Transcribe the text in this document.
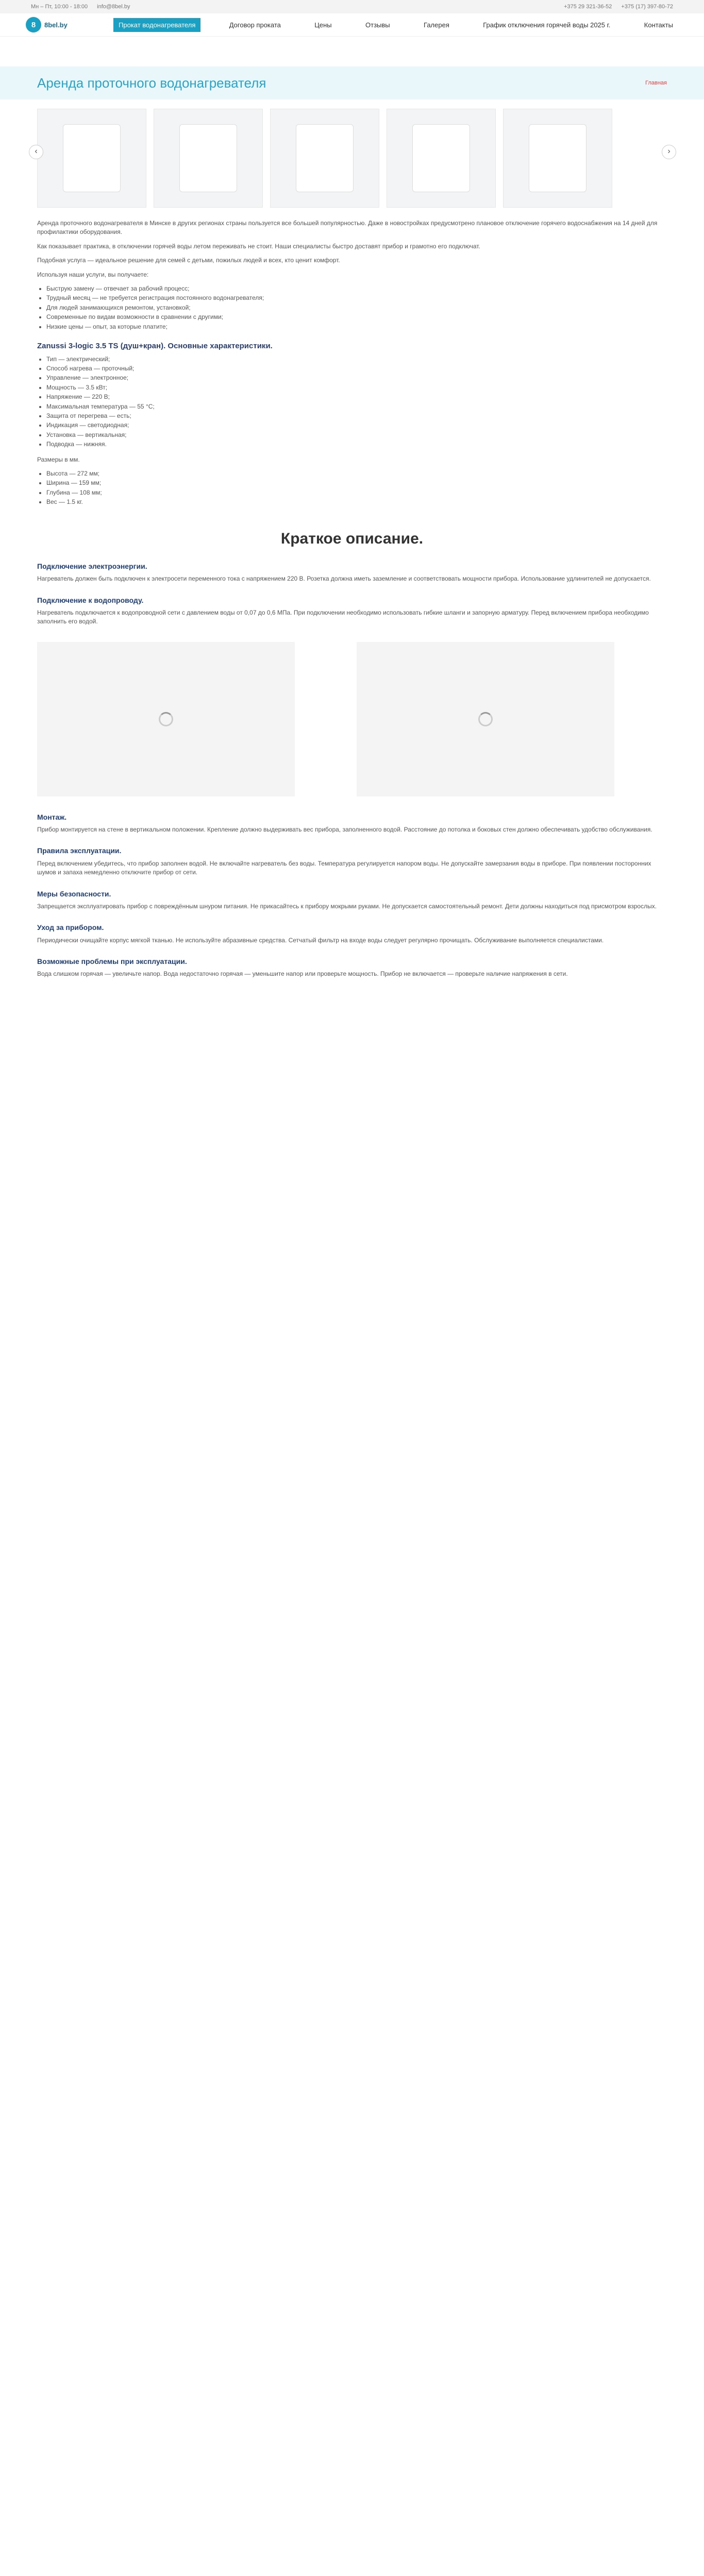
Мн – Пт, 10:00 - 18:00 info@8bel.by	+375 29 321-36-52 +375 (17) 397-80-72
8	8bel.by	Прокат водонагревателя	Договор проката	Цены	Отзывы	Галерея	График отключения горячей воды 2025 г.	Контакты
Аренда проточного водонагревателя	Главная
‹	›

Аренда проточного водонагревателя в Минске в других регионах страны пользуется все большей популярностью. Даже в новостройках предусмотрено плановое отключение горячего водоснабжения на 14 дней для профилактики оборудования.

Как показывает практика, в отключении горячей воды летом переживать не стоит. Наши специалисты быстро доставят прибор и грамотно его подключат.

Подобная услуга — идеальное решение для семей с детьми, пожилых людей и всех, кто ценит комфорт.

Используя наши услуги, вы получаете:

• Быструю замену — отвечает за рабочий процесс;
• Трудный месяц — не требуется регистрация постоянного водонагревателя;
• Для людей занимающихся ремонтом, установкой;
• Современные по видам возможности в сравнении с другими;
• Низкие цены — опыт, за которые платите;
Zanussi 3-logic 3.5 TS (душ+кран). Основные характеристики.
• Тип — электрический;
• Способ нагрева — проточный;
• Управление — электронное;
• Мощность — 3.5 кВт;
• Напряжение — 220 В;
• Максимальная температура — 55 °C;
• Защита от перегрева — есть;
• Индикация — светодиодная;
• Установка — вертикальная;
• Подводка — нижняя.

Размеры в мм.

• Высота — 272 мм;
• Ширина — 159 мм;
• Глубина — 108 мм;
• Вес — 1.5 кг.
Краткое описание.
Подключение электроэнергии.

Нагреватель должен быть подключен к электросети переменного тока с напряжением 220 В. Розетка должна иметь заземление и соответствовать мощности прибора. Использование удлинителей не допускается.

Подключение к водопроводу.

Нагреватель подключается к водопроводной сети с давлением воды от 0,07 до 0,6 МПа. При подключении необходимо использовать гибкие шланги и запорную арматуру. Перед включением прибора необходимо заполнить его водой.

Монтаж.

Прибор монтируется на стене в вертикальном положении. Крепление должно выдерживать вес прибора, заполненного водой. Расстояние до потолка и боковых стен должно обеспечивать удобство обслуживания.

Правила эксплуатации.

Перед включением убедитесь, что прибор заполнен водой. Не включайте нагреватель без воды. Температура регулируется напором воды. Не допускайте замерзания воды в приборе. При появлении посторонних шумов и запаха немедленно отключите прибор от сети.

Меры безопасности.

Запрещается эксплуатировать прибор с повреждённым шнуром питания. Не прикасайтесь к прибору мокрыми руками. Не допускается самостоятельный ремонт. Дети должны находиться под присмотром взрослых.

Уход за прибором.

Периодически очищайте корпус мягкой тканью. Не используйте абразивные средства. Сетчатый фильтр на входе воды следует регулярно прочищать. Обслуживание выполняется специалистами.

Возможные проблемы при эксплуатации.

Вода слишком горячая — увеличьте напор. Вода недостаточно горячая — уменьшите напор или проверьте мощность. Прибор не включается — проверьте наличие напряжения в сети.
